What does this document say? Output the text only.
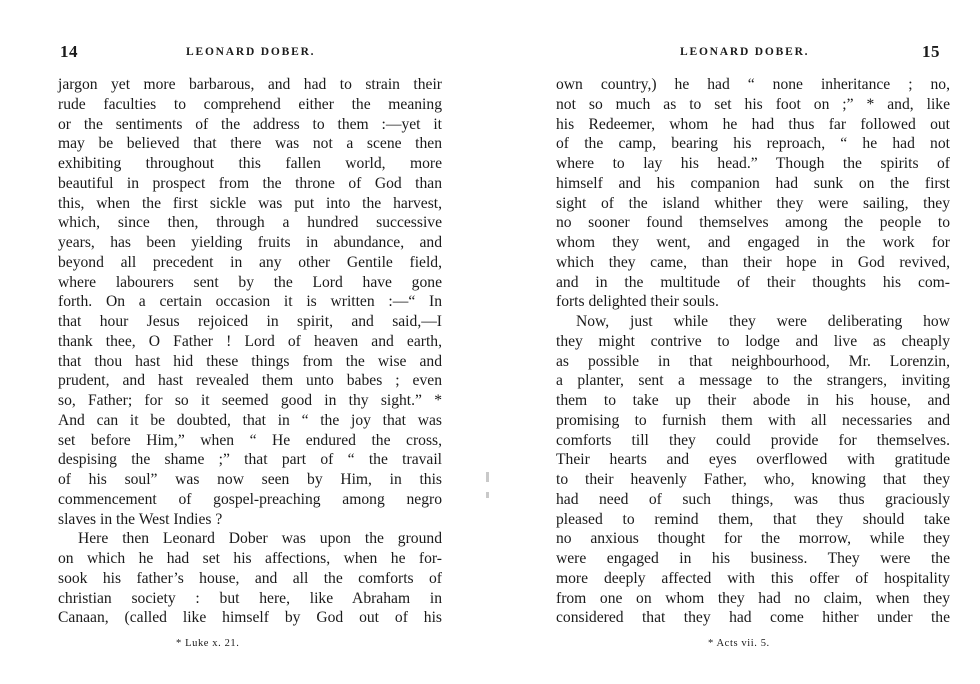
14	LEONARD DOBER.
jargon yet more barbarous, and had to strain their
rude faculties to comprehend either the meaning
or the sentiments of the address to them :—yet it
may be believed that there was not a scene then
exhibiting throughout this fallen world, more
beautiful in prospect from the throne of God than
this, when the first sickle was put into the harvest,
which, since then, through a hundred successive
years, has been yielding fruits in abundance, and
beyond all precedent in any other Gentile field,
where labourers sent by the Lord have gone
forth. On a certain occasion it is written :—“ In
that hour Jesus rejoiced in spirit, and said,—I
thank thee, O Father ! Lord of heaven and earth,
that thou hast hid these things from the wise and
prudent, and hast revealed them unto babes ; even
so, Father; for so it seemed good in thy sight.” *
And can it be doubted, that in “ the joy that was
set before Him,” when “ He endured the cross,
despising the shame ;” that part of “ the travail
of his soul” was now seen by Him, in this
commencement of gospel-preaching among negro
slaves in the West Indies ?
Here then Leonard Dober was upon the ground
on which he had set his affections, when he for-
sook his father’s house, and all the comforts of
christian society : but here, like Abraham in
Canaan, (called like himself by God out of his
* Luke x. 21.
LEONARD DOBER.	15
own country,) he had “ none inheritance ; no,
not so much as to set his foot on ;” * and, like
his Redeemer, whom he had thus far followed out
of the camp, bearing his reproach, “ he had not
where to lay his head.” Though the spirits of
himself and his companion had sunk on the first
sight of the island whither they were sailing, they
no sooner found themselves among the people to
whom they went, and engaged in the work for
which they came, than their hope in God revived,
and in the multitude of their thoughts his com-
forts delighted their souls.
Now, just while they were deliberating how
they might contrive to lodge and live as cheaply
as possible in that neighbourhood, Mr. Lorenzin,
a planter, sent a message to the strangers, inviting
them to take up their abode in his house, and
promising to furnish them with all necessaries and
comforts till they could provide for themselves.
Their hearts and eyes overflowed with gratitude
to their heavenly Father, who, knowing that they
had need of such things, was thus graciously
pleased to remind them, that they should take
no anxious thought for the morrow, while they
were engaged in his business. They were the
more deeply affected with this offer of hospitality
from one on whom they had no claim, when they
considered that they had come hither under the
* Acts vii. 5.
